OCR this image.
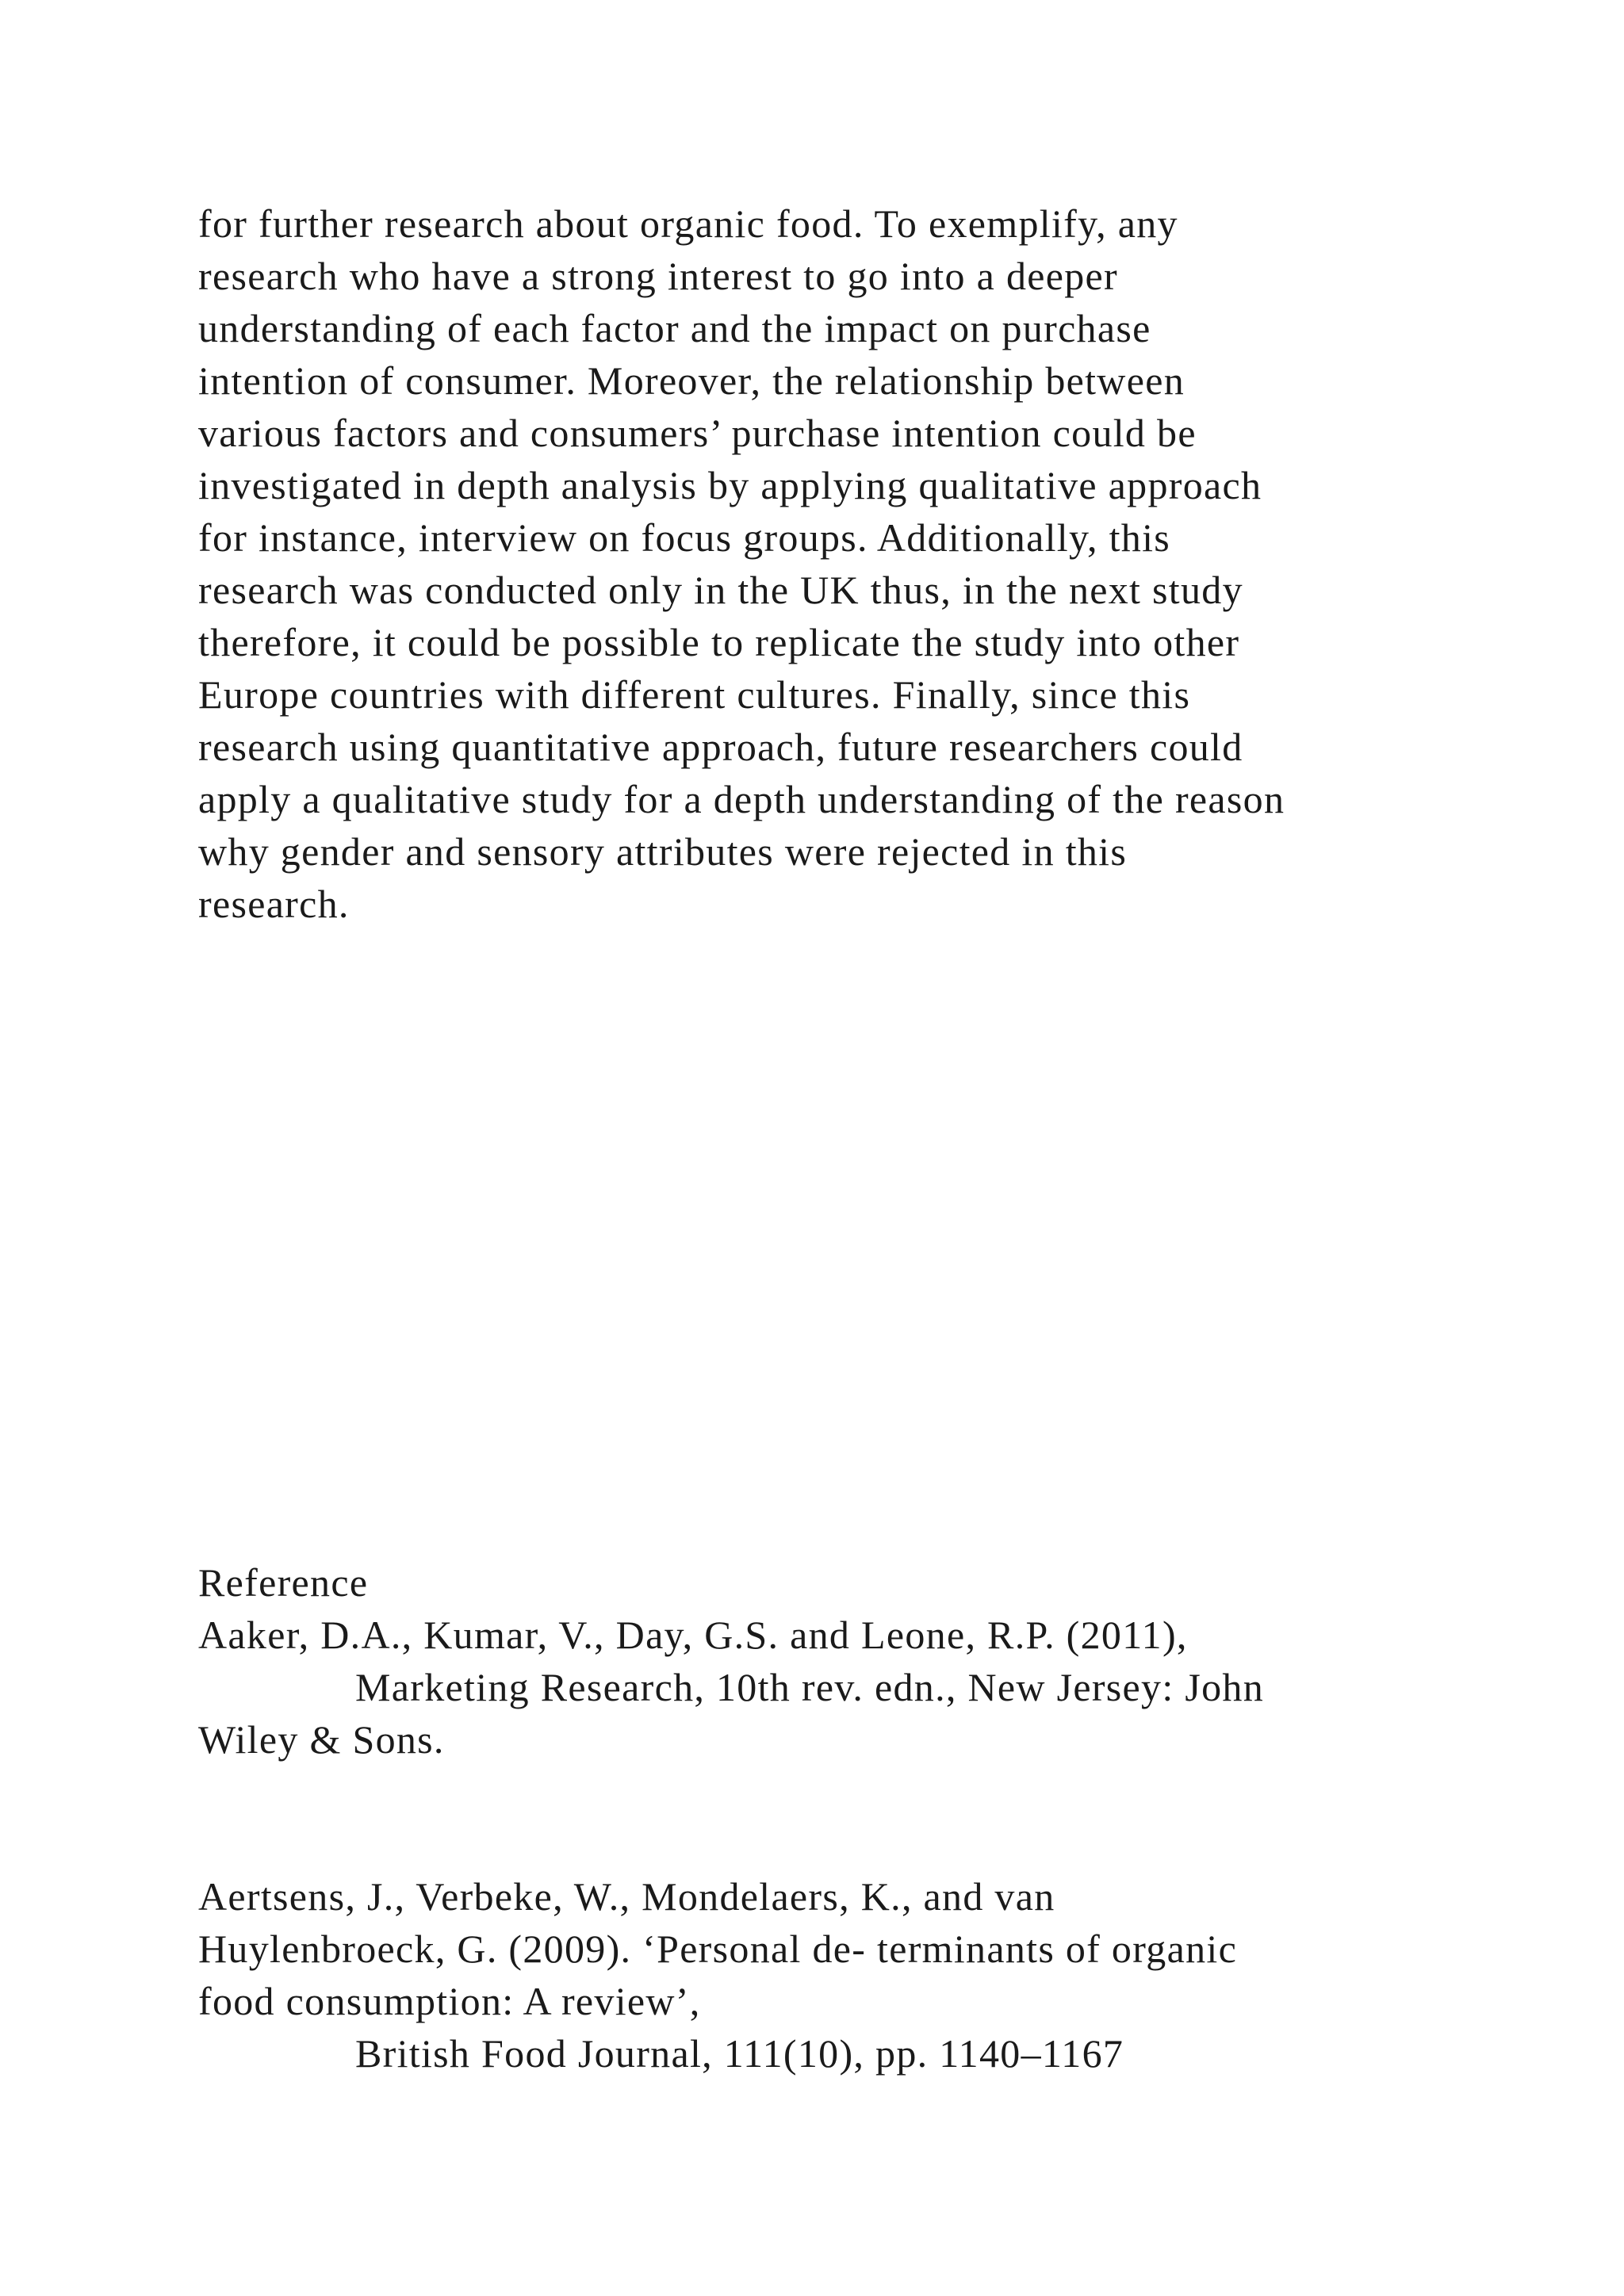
for further research about organic food. To exemplify, any

research who have a strong interest to go into a deeper

understanding of each factor and the impact on purchase

intention of consumer. Moreover, the relationship between

various factors and consumers’ purchase intention could be

investigated in depth analysis by applying qualitative approach

for instance, interview on focus groups. Additionally, this

research was conducted only in the UK thus, in the next study

therefore, it could be possible to replicate the study into other

Europe countries with different cultures. Finally, since this

research using quantitative approach, future researchers could

apply a qualitative study for a depth understanding of the reason

why gender and sensory attributes were rejected in this

research.

Reference

Aaker, D.A., Kumar, V., Day, G.S. and Leone, R.P. (2011),

Marketing Research, 10th rev. edn., New Jersey: John

Wiley & Sons.

Aertsens, J., Verbeke, W., Mondelaers, K., and van

Huylenbroeck, G. (2009). ‘Personal de- terminants of organic

food consumption: A review’,

British Food Journal, 111(10), pp. 1140–1167
